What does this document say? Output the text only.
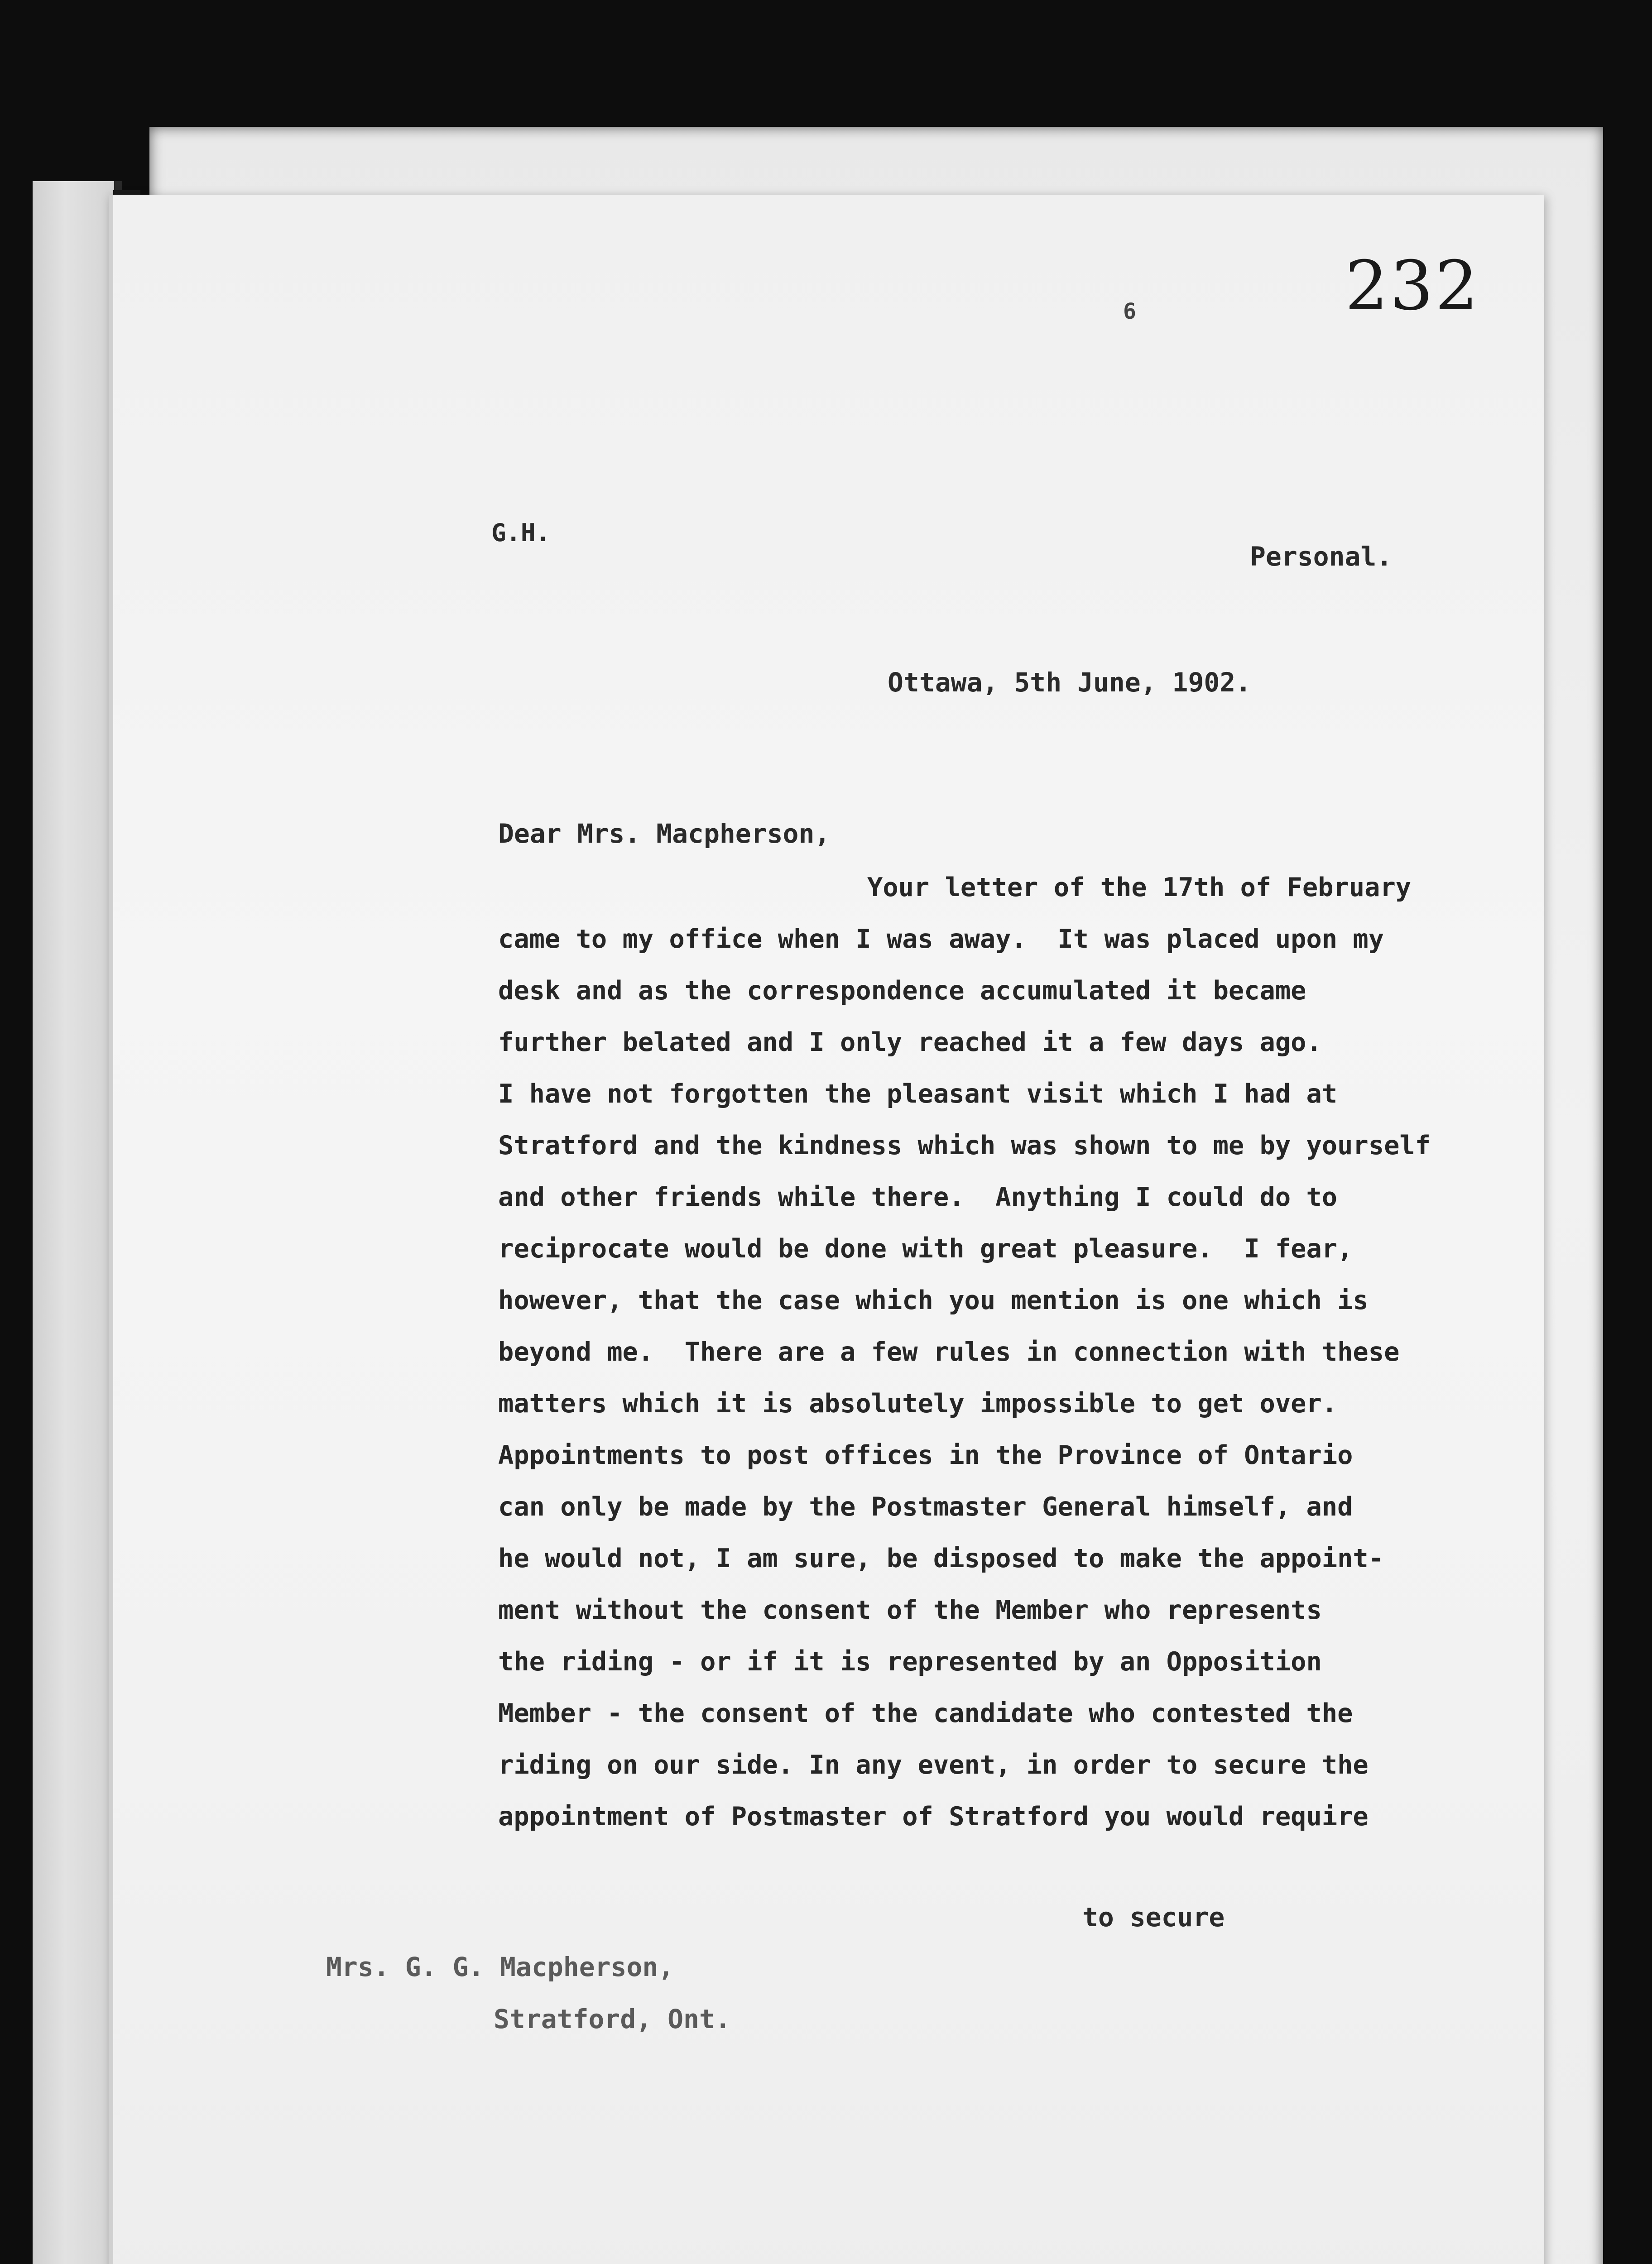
232
6
G.H.
Personal.
Ottawa, 5th June, 1902.
Dear Mrs. Macpherson,
Your letter of the 17th of February
came to my office when I was away.  It was placed upon my
desk and as the correspondence accumulated it became
further belated and I only reached it a few days ago.
I have not forgotten the pleasant visit which I had at
Stratford and the kindness which was shown to me by yourself
and other friends while there.  Anything I could do to
reciprocate would be done with great pleasure.  I fear,
however, that the case which you mention is one which is
beyond me.  There are a few rules in connection with these
matters which it is absolutely impossible to get over.
Appointments to post offices in the Province of Ontario
can only be made by the Postmaster General himself, and
he would not, I am sure, be disposed to make the appoint-
ment without the consent of the Member who represents
the riding - or if it is represented by an Opposition
Member - the consent of the candidate who contested the
riding on our side. In any event, in order to secure the
appointment of Postmaster of Stratford you would require
to secure
Mrs. G. G. Macpherson,
Stratford, Ont.
